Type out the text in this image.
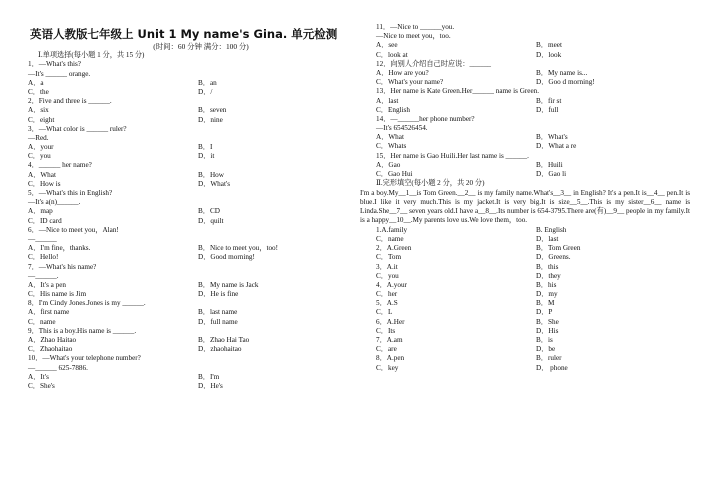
英语人教版七年级上 Unit 1 My name's Gina. 单元检测
(时间：60 分钟 满分：100 分)
Ⅰ.单项选择(每小题 1 分，共 15 分)
1．—What's this?
—It's ______ orange.
A．a	B．an
C．the	D．/
2．Five and three is ______.
A．six	B．seven
C．eight	D．nine
3．—What color is ______ ruler?
—Red.
A．your	B．I
C．you	D．it
4．______ her name?
A．What	B．How
C．How is	D．What's
5．—What's this in English?
—It's a(n)______.
A．map	B．CD
C．ID card	D．quilt
6．—Nice to meet you，Alan!
—______
A．I'm fine，thanks.	B．Nice to meet you，too!
C．Hello!	D．Good morning!
7．—What's his name?
—______.
A．It's a pen	B．My name is Jack
C．His name is Jim	D．He is fine
8．I'm Cindy Jones.Jones is my ______.
A．first name	B．last name
C．name	D．full name
9．This is a boy.His name is ______.
A．Zhao Haitao	B．Zhao Hai Tao
C．Zhaohaitao	D．zhaohaitao
10．—What's your telephone number?
—______ 625-7886.
A．It's	B．I'm
C．She's	D．He's
11．—Nice to ______you.
—Nice to meet you，too.
A．see	B．meet
C．look at	D．look
12．向别人介绍自己时应说：______
A．How are you?	B．My name is...
C．What's your name?	D．Goo d morning!
13．Her name is Kate Green.Her______ name is Green.
A．last	B．fir st
C．English	D．full
14．—______her phone number?
—It's 654526454.
A．What	B．What's
C．Whats	D．What a re
15．Her name is Gao Huili.Her last name is ______.
A．Gao	B．Huili
C．Gao Hui	D．Gao li
Ⅱ.完形填空(每小题 2 分，共 20 分)
I'm a boy.My__1__is Tom Green.__2__ is my family name.What's__3__ in English? It's a pen.It is__4__ pen.It is blue.I like it very much.This is my jacket.It is very big.It is size__5__.This is my sister__6__ name is Linda.She__7__ seven years old.I have a__8__.Its number is 654-3795.There are(有)__9__ people in my family.It is a happy__10__.My parents love us.We love them，too.
1.A.family	B. English
C．name	D．last
2．A.Green	B．Tom Green
C．Tom	D．Greens.
3．A.it	B．this
C．you	D．they
4．A.your	B．his
C．her	D．my
5．A.S	B．M
C．L	D．P
6．A.Her	B．She
C．Its	D．His
7．A.am	B．is
C．are	D．be
8．A.pen	B．ruler
C．key	D． phone
